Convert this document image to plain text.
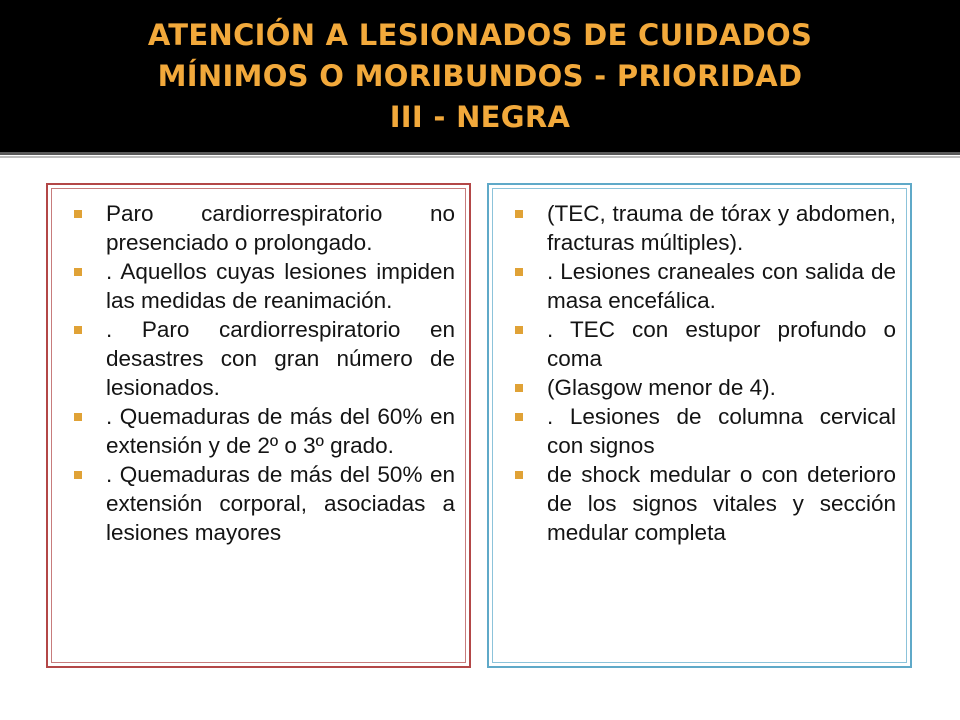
ATENCIÓN A LESIONADOS DE CUIDADOS
MÍNIMOS O MORIBUNDOS - PRIORIDAD
III - NEGRA
Paro cardiorrespiratorio no presenciado o prolongado.
. Aquellos cuyas lesiones impiden las medidas de reanimación.
. Paro cardiorrespiratorio en desastres con gran número de lesionados.
. Quemaduras de más del 60% en extensión y de 2º o 3º grado.
. Quemaduras de más del 50% en extensión corporal, asociadas a lesiones mayores
(TEC, trauma de tórax y abdomen, fracturas múltiples).
. Lesiones craneales con salida de masa encefálica.
. TEC con estupor profundo o coma
(Glasgow menor de 4).
. Lesiones de columna cervical con signos
de shock medular o con deterioro de los signos vitales y sección medular completa
